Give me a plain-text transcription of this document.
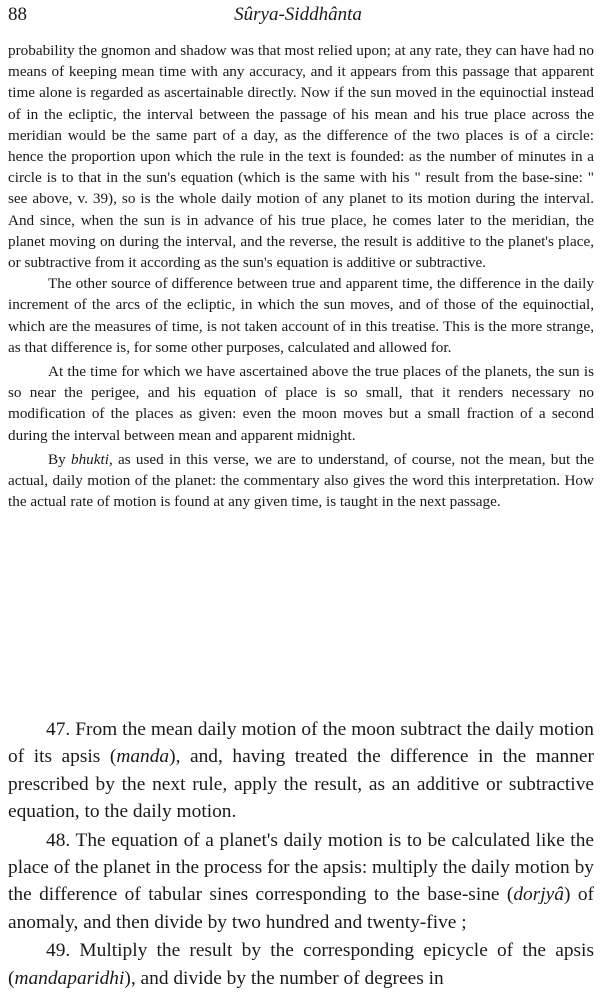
88	Sûrya-Siddhânta

probability the gnomon and shadow was that most relied upon; at any rate, they can have had no means of keeping mean time with any accuracy, and it appears from this passage that apparent time alone is regarded as ascertainable directly. Now if the sun moved in the equinoctial instead of in the ecliptic, the interval between the passage of his mean and his true place across the meridian would be the same part of a day, as the difference of the two places is of a circle: hence the proportion upon which the rule in the text is founded: as the number of minutes in a circle is to that in the sun's equation (which is the same with his " result from the base-sine: " see above, v. 39), so is the whole daily motion of any planet to its motion during the interval. And since, when the sun is in advance of his true place, he comes later to the meridian, the planet moving on during the interval, and the reverse, the result is additive to the planet's place, or subtractive from it according as the sun's equation is additive or subtractive.

The other source of difference between true and apparent time, the difference in the daily increment of the arcs of the ecliptic, in which the sun moves, and of those of the equinoctial, which are the measures of time, is not taken account of in this treatise. This is the more strange, as that difference is, for some other purposes, calculated and allowed for.

At the time for which we have ascertained above the true places of the planets, the sun is so near the perigee, and his equation of place is so small, that it renders necessary no modification of the places as given: even the moon moves but a small fraction of a second during the interval between mean and apparent midnight.

By bhukti, as used in this verse, we are to understand, of course, not the mean, but the actual, daily motion of the planet: the commentary also gives the word this interpretation. How the actual rate of motion is found at any given time, is taught in the next passage.

47. From the mean daily motion of the moon subtract the daily motion of its apsis (manda), and, having treated the difference in the manner prescribed by the next rule, apply the result, as an additive or subtractive equation, to the daily motion.

48. The equation of a planet's daily motion is to be calculated like the place of the planet in the process for the apsis: multiply the daily motion by the difference of tabular sines corresponding to the base-sine (dorjyâ) of anomaly, and then divide by two hundred and twenty-five ;

49. Multiply the result by the corresponding epicycle of the apsis (mandaparidhi), and divide by the number of degrees in
